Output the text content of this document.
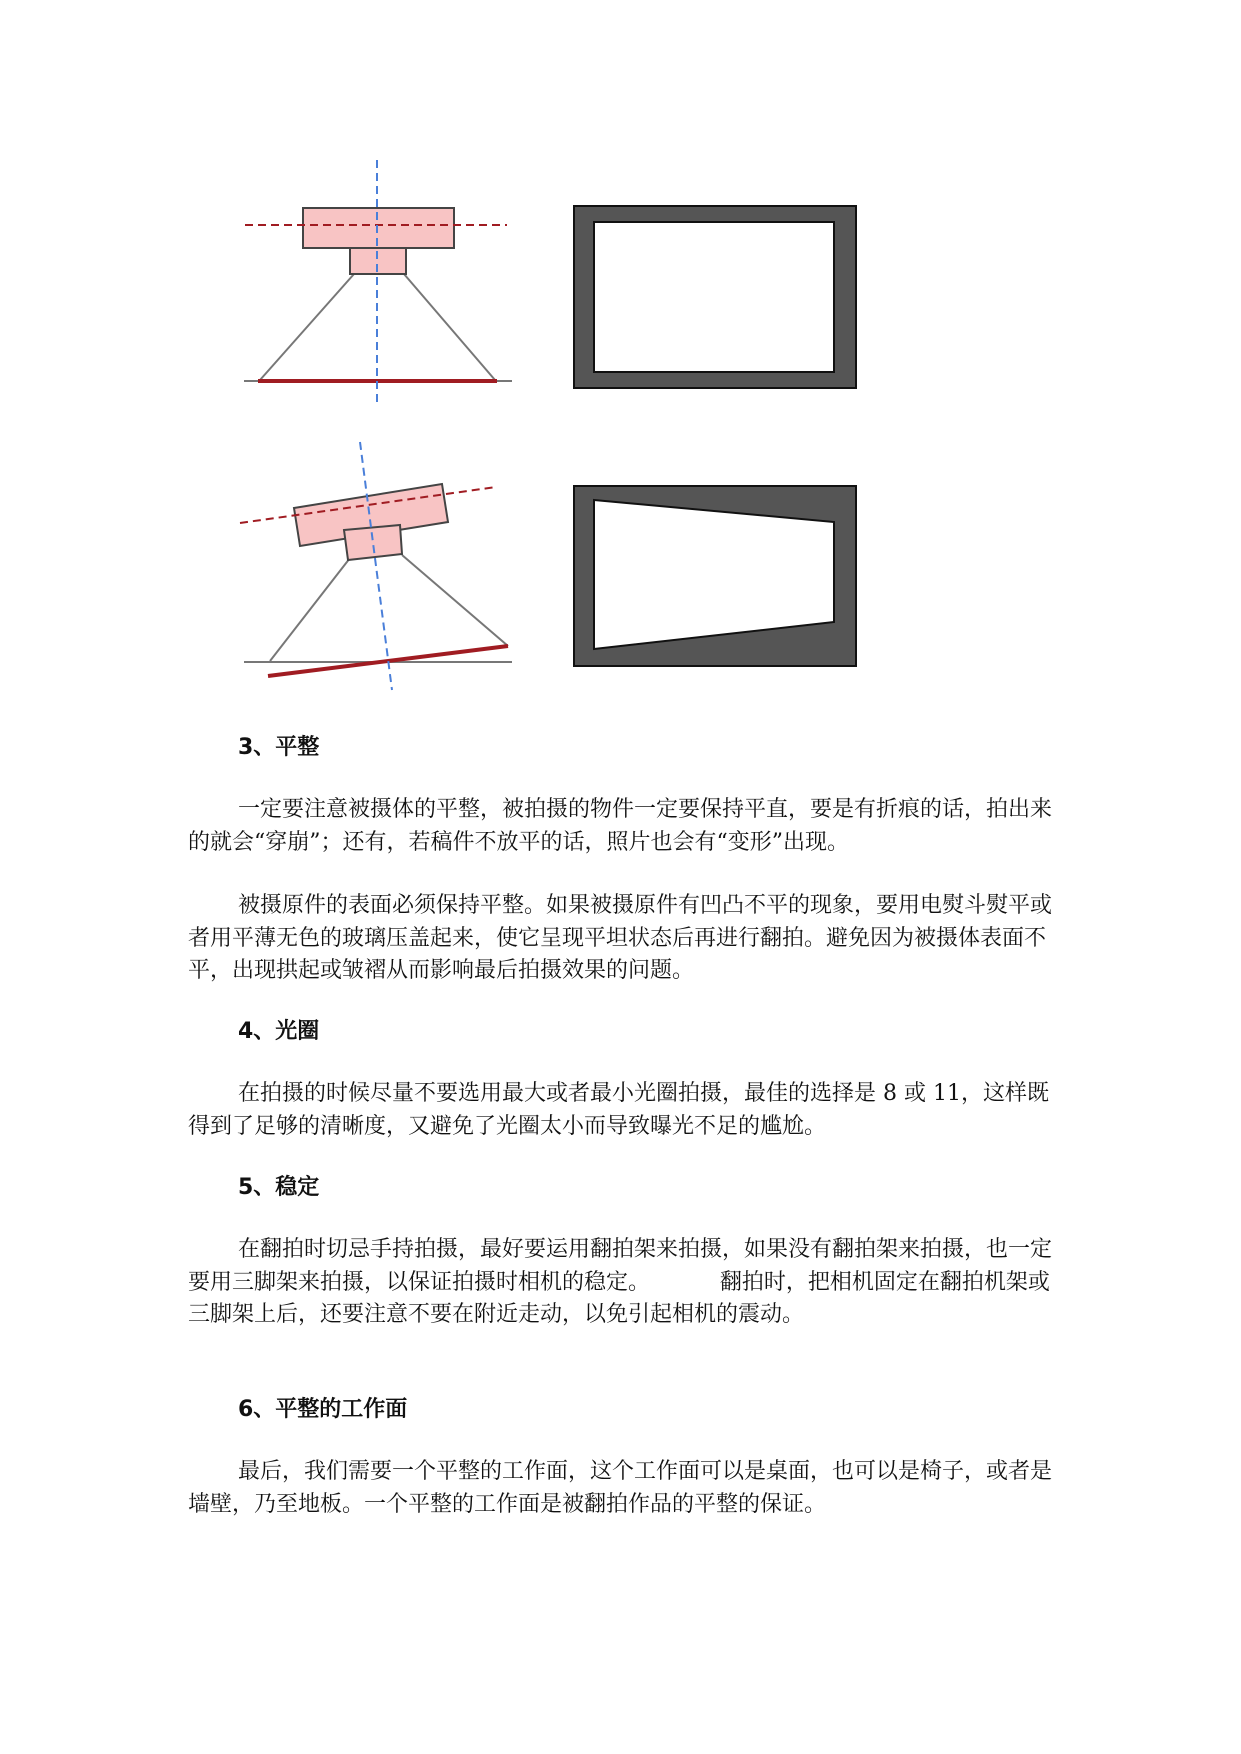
3、平整

一定要注意被摄体的平整，被拍摄的物件一定要保持平直，要是有折痕的话，拍出来的就会“穿崩”；还有，若稿件不放平的话，照片也会有“变形”出现。

被摄原件的表面必须保持平整。如果被摄原件有凹凸不平的现象，要用电熨斗熨平或者用平薄无色的玻璃压盖起来，使它呈现平坦状态后再进行翻拍。避免因为被摄体表面不平，出现拱起或皱褶从而影响最后拍摄效果的问题。

4、光圈

在拍摄的时候尽量不要选用最大或者最小光圈拍摄，最佳的选择是 8 或 11，这样既得到了足够的清晰度，又避免了光圈太小而导致曝光不足的尴尬。

5、稳定

在翻拍时切忌手持拍摄，最好要运用翻拍架来拍摄，如果没有翻拍架来拍摄，也一定要用三脚架来拍摄，以保证拍摄时相机的稳定。          翻拍时，把相机固定在翻拍机架或三脚架上后，还要注意不要在附近走动，以免引起相机的震动。

6、平整的工作面

最后，我们需要一个平整的工作面，这个工作面可以是桌面，也可以是椅子，或者是墙壁，乃至地板。一个平整的工作面是被翻拍作品的平整的保证。
